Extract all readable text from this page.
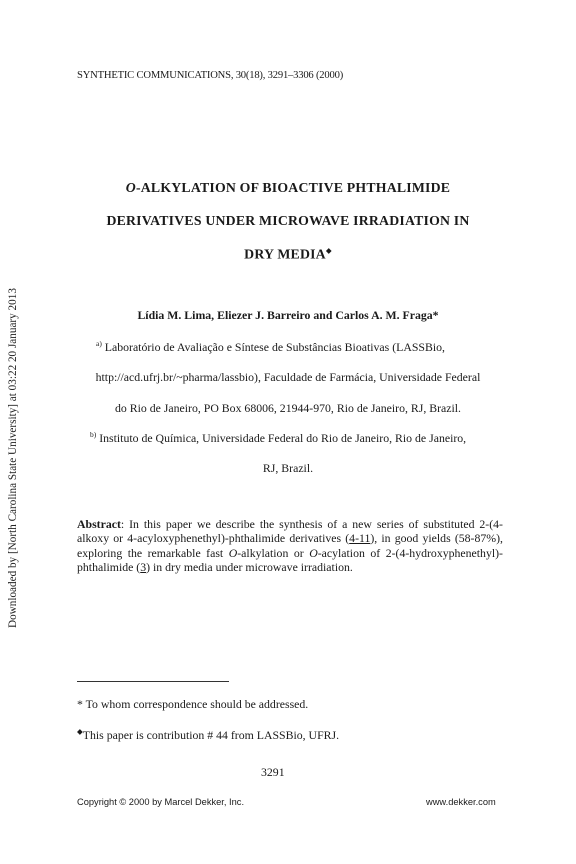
Downloaded by [North Carolina State University] at 03:22 20 January 2013
SYNTHETIC COMMUNICATIONS, 30(18), 3291–3306 (2000)
O-ALKYLATION OF BIOACTIVE PHTHALIMIDE
DERIVATIVES UNDER MICROWAVE IRRADIATION IN
DRY MEDIA◆
Lídia M. Lima, Eliezer J. Barreiro and Carlos A. M. Fraga*
$^{a)}$ Laboratório de Avaliação e Síntese de Substâncias Bioativas (LASSBio,
http://acd.ufrj.br/~pharma/lassbio), Faculdade de Farmácia, Universidade Federal
do Rio de Janeiro, PO Box 68006, 21944-970, Rio de Janeiro, RJ, Brazil.
$^{b)}$ Instituto de Química, Universidade Federal do Rio de Janeiro, Rio de Janeiro,
RJ, Brazil.
Abstract: In this paper we describe the synthesis of a new series of substituted 2-(4-alkoxy or 4-acyloxyphenethyl)-phthalimide derivatives (4-11), in good yields (58-87%), exploring the remarkable fast O-alkylation or O-acylation of 2-(4-hydroxyphenethyl)-phthalimide (3) in dry media under microwave irradiation.
* To whom correspondence should be addressed.
◆This paper is contribution # 44 from LASSBio, UFRJ.
3291
Copyright © 2000 by Marcel Dekker, Inc.	www.dekker.com
